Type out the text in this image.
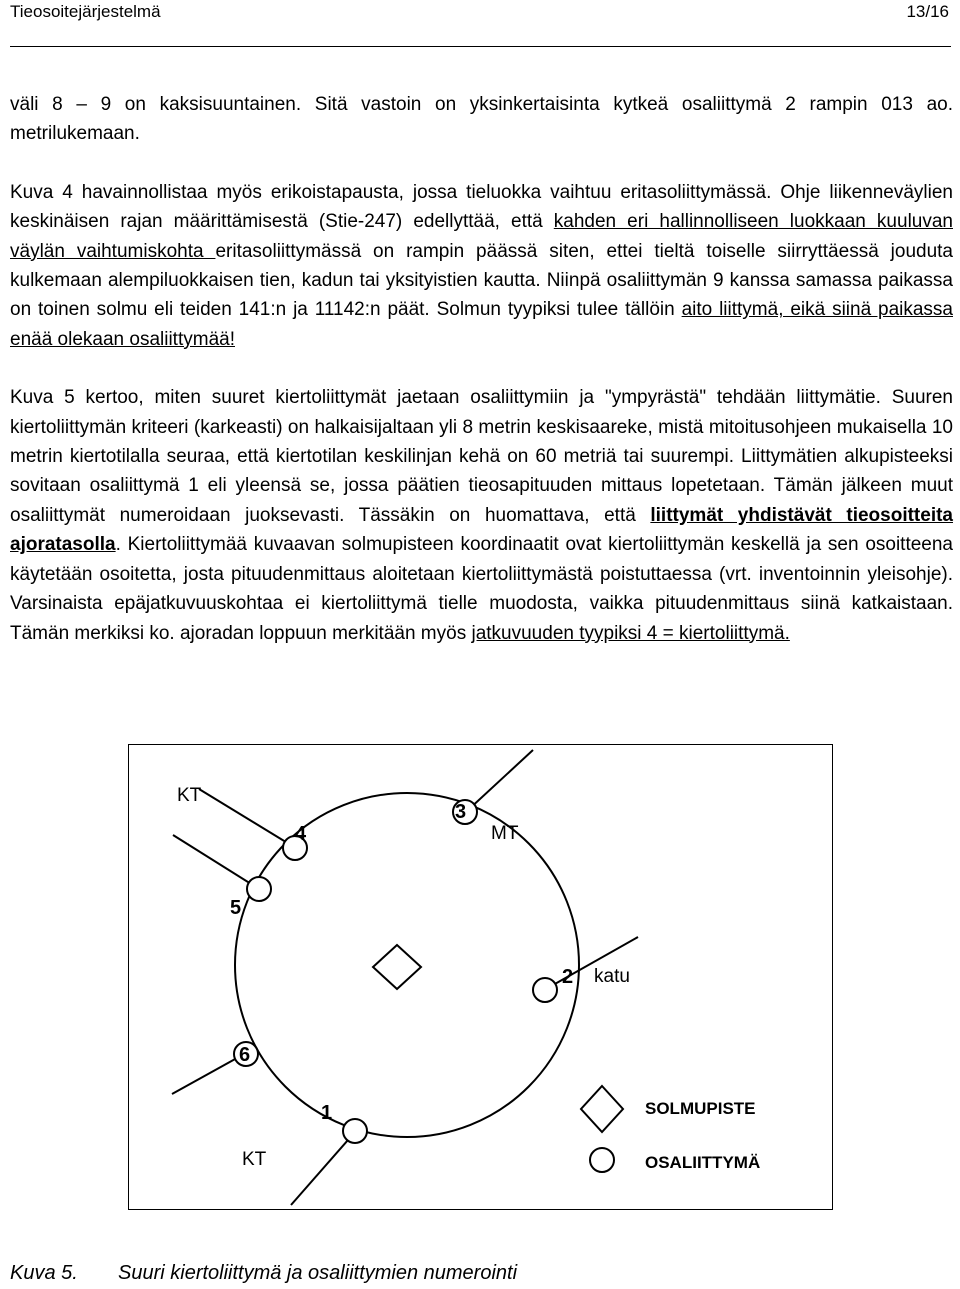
Tieosoitejärjestelmä	13/16

väli 8 – 9 on kaksisuuntainen. Sitä vastoin on yksinkertaisinta kytkeä osaliittymä 2 rampin 013 ao. metrilukemaan.

Kuva 4 havainnollistaa myös erikoistapausta, jossa tieluokka vaihtuu eritasoliittymässä. Ohje liikenneväylien keskinäisen rajan määrittämisestä (Stie-247) edellyttää, että kahden eri hallinnolliseen luokkaan kuuluvan väylän vaihtumiskohta eritasoliittymässä on rampin päässä siten, ettei tieltä toiselle siirryttäessä jouduta kulkemaan alempiluokkaisen tien, kadun tai yksityistien kautta. Niinpä osaliittymän 9 kanssa samassa paikassa on toinen solmu eli teiden 141:n ja 11142:n päät. Solmun tyypiksi tulee tällöin aito liittymä, eikä siinä paikassa enää olekaan osaliittymää!

Kuva 5 kertoo, miten suuret kiertoliittymät jaetaan osaliittymiin ja "ympyrästä" tehdään liittymätie. Suuren kiertoliittymän kriteeri (karkeasti) on halkaisijaltaan yli 8 metrin keskisaareke, mistä mitoitusohjeen mukaisella 10 metrin kiertotilalla seuraa, että kiertotilan keskilinjan kehä on 60 metriä tai suurempi. Liittymätien alkupisteeksi sovitaan osaliittymä 1 eli yleensä se, jossa päätien tieosapituuden mittaus lopetetaan. Tämän jälkeen muut osaliittymät numeroidaan juoksevasti. Tässäkin on huomattava, että liittymät yhdistävät tieosoitteita ajoratasolla. Kiertoliittymää kuvaavan solmupisteen koordinaatit ovat kiertoliittymän keskellä ja sen osoitteena käytetään osoitetta, josta pituudenmittaus aloitetaan kiertoliittymästä poistuttaessa (vrt. inventoinnin yleisohje). Varsinaista epäjatkuvuuskohtaa ei kiertoliittymä tielle muodosta, vaikka pituudenmittaus siinä katkaistaan. Tämän merkiksi ko. ajoradan loppuun merkitään myös jatkuvuuden tyypiksi 4 = kiertoliittymä.

KT
4
3
MT
5
2 katu
6
1
KT
SOLMUPISTE
OSALIITTYMÄ
Kuva 5. Suuri kiertoliittymä ja osaliittymien numerointi
